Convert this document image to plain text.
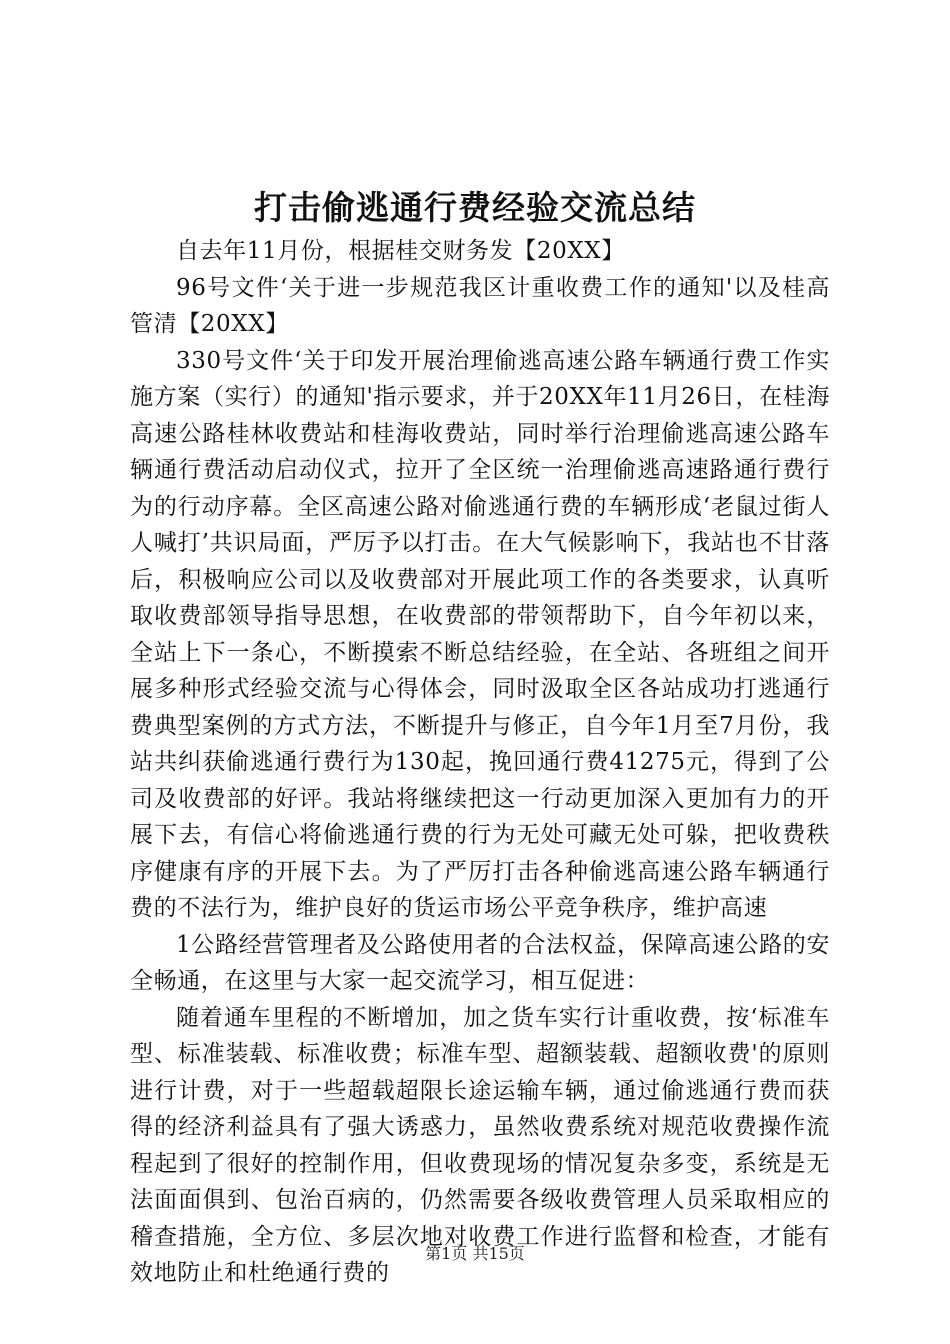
打击偷逃通行费经验交流总结

自去年11月份，根据桂交财务发【20XX】

96号文件‘关于进一步规范我区计重收费工作的通知'以及桂高管清【20XX】

330号文件‘关于印发开展治理偷逃高速公路车辆通行费工作实施方案（实行）的通知'指示要求，并于20XX年11月26日，在桂海高速公路桂林收费站和桂海收费站，同时举行治理偷逃高速公路车辆通行费活动启动仪式，拉开了全区统一治理偷逃高速路通行费行为的行动序幕。全区高速公路对偷逃通行费的车辆形成‘老鼠过街人人喊打’共识局面，严厉予以打击。在大气候影响下，我站也不甘落后，积极响应公司以及收费部对开展此项工作的各类要求，认真听取收费部领导指导思想，在收费部的带领帮助下，自今年初以来，全站上下一条心，不断摸索不断总结经验，在全站、各班组之间开展多种形式经验交流与心得体会，同时汲取全区各站成功打逃通行费典型案例的方式方法，不断提升与修正，自今年1月至7月份，我站共纠获偷逃通行费行为130起，挽回通行费41275元，得到了公司及收费部的好评。我站将继续把这一行动更加深入更加有力的开展下去，有信心将偷逃通行费的行为无处可藏无处可躲，把收费秩序健康有序的开展下去。为了严厉打击各种偷逃高速公路车辆通行费的不法行为，维护良好的货运市场公平竞争秩序，维护高速

1公路经营管理者及公路使用者的合法权益，保障高速公路的安全畅通，在这里与大家一起交流学习，相互促进：

随着通车里程的不断增加，加之货车实行计重收费，按‘标准车型、标准装载、标准收费；标准车型、超额装载、超额收费'的原则进行计费，对于一些超载超限长途运输车辆，通过偷逃通行费而获得的经济利益具有了强大诱惑力，虽然收费系统对规范收费操作流程起到了很好的控制作用，但收费现场的情况复杂多变，系统是无法面面俱到、包治百病的，仍然需要各级收费管理人员采取相应的稽查措施，全方位、多层次地对收费工作进行监督和检查，才能有效地防止和杜绝通行费的

第1页 共15页
